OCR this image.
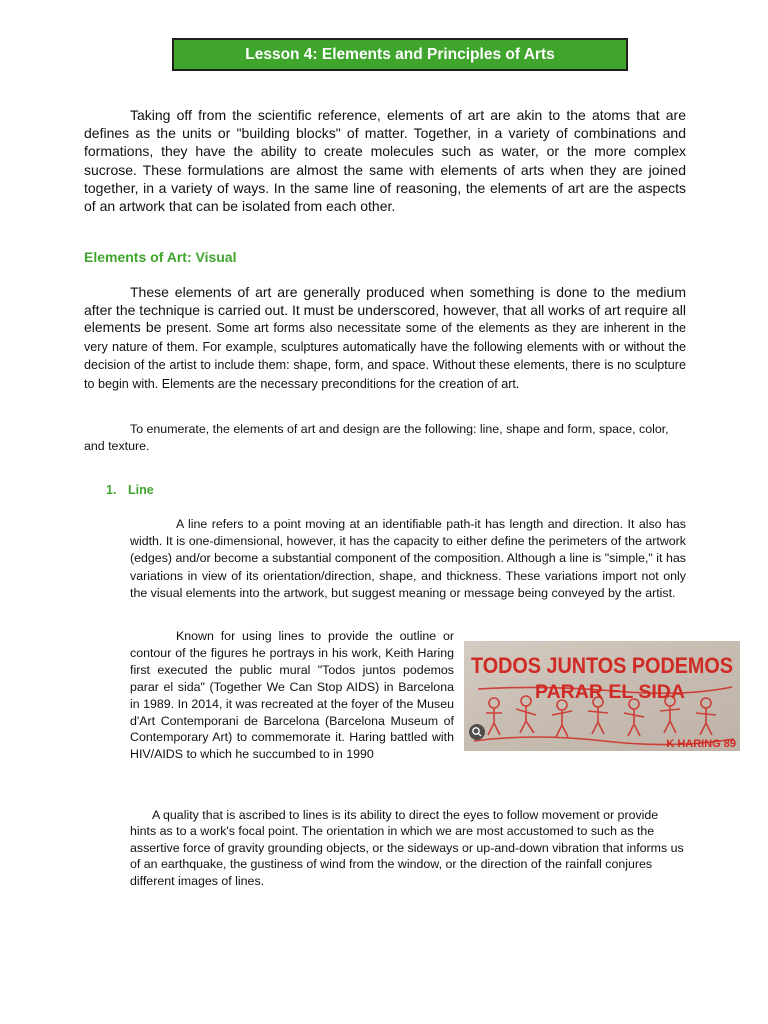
Lesson 4: Elements and Principles of Arts

Taking off from the scientific reference, elements of art are akin to the atoms that are defines as the units or "building blocks" of matter. Together, in a variety of combinations and formations, they have the ability to create molecules such as water, or the more complex sucrose. These formulations are almost the same with elements of arts when they are joined together, in a variety of ways. In the same line of reasoning, the elements of art are the aspects of an artwork that can be isolated from each other.

Elements of Art: Visual

These elements of art are generally produced when something is done to the medium after the technique is carried out. It must be underscored, however, that all works of art require all elements be present. Some art forms also necessitate some of the elements as they are inherent in the very nature of them. For example, sculptures automatically have the following elements with or without the decision of the artist to include them: shape, form, and space. Without these elements, there is no sculpture to begin with. Elements are the necessary preconditions for the creation of art.

To enumerate, the elements of art and design are the following: line, shape and form, space, color, and texture.

1. Line

A line refers to a point moving at an identifiable path-it has length and direction. It also has width. It is one-dimensional, however, it has the capacity to either define the perimeters of the artwork (edges) and/or become a substantial component of the composition. Although a line is "simple," it has variations in view of its orientation/direction, shape, and thickness. These variations import not only the visual elements into the artwork, but suggest meaning or message being conveyed by the artist.

Known for using lines to provide the outline or contour of the figures he portrays in his work, Keith Haring first executed the public mural "Todos juntos podemos parar el sida" (Together We Can Stop AIDS) in Barcelona in 1989. In 2014, it was recreated at the foyer of the Museu d'Art Contemporani de Barcelona (Barcelona Museum of Contemporary Art) to commemorate it. Haring battled with HIV/AIDS to which he succumbed to in 1990

TODOS JUNTOS PODEMOS
PARAR EL SIDA
K HARING 89

A quality that is ascribed to lines is its ability to direct the eyes to follow movement or provide hints as to a work's focal point. The orientation in which we are most accustomed to such as the assertive force of gravity grounding objects, or the sideways or up-and-down vibration that informs us of an earthquake, the gustiness of wind from the window, or the direction of the rainfall conjures different images of lines.
